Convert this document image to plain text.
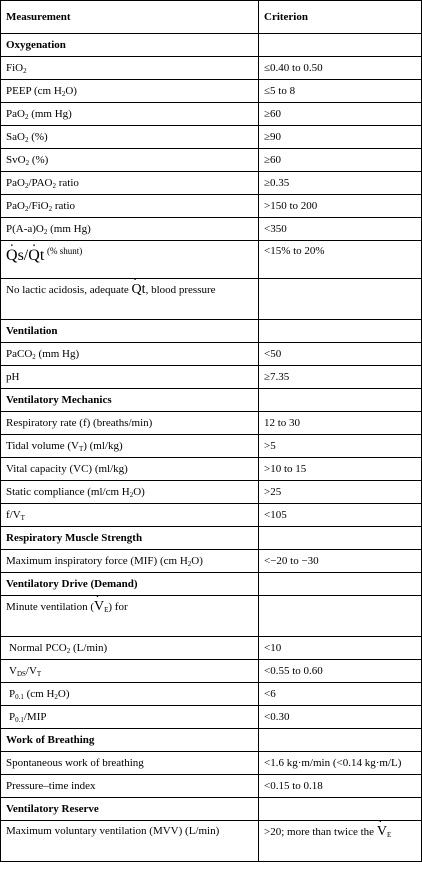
Measurement	Criterion
Oxygenation	
FiO$_2$	≤0.40 to 0.50
PEEP (cm $H_2O$)	≤5 to 8
PaO$_2$ (mm Hg)	≥60
SaO$_2$ (%)	≥90
SvO$_2$ (%)	≥60
$PaO_2/PAO_2$ ratio	≥0.35
PaO$_2$/FiO$_2$ ratio	>150 to 200
$P(A-a)O_2$ (mm Hg)	<350
· Qs/· Qt $^{(\% shunt)}$	<15% to 20%
No lactic acidosis, adequate · Qt, blood pressure	
Ventilation	
PaCO$_2$ (mm Hg)	<50
pH	≥7.35
Ventilatory Mechanics	
Respiratory rate (f) (breaths/min)	12 to 30
Tidal volume $(V_T)$ (ml/kg)	>5
Vital capacity (VC) (ml/kg)	>10 to 15
Static compliance (ml/cm $H_2O$)	>25
$f/V_T$	<105
Respiratory Muscle Strength	
Maximum inspiratory force (MIF) (cm $H_2O$)	<−20 to −30
Ventilatory Drive (Demand)	
Minute ventilation (· $V_E$) for	
Normal $PCO_2$ (L/min)	<10
$V_{DS}/V_T$	<0.55 to 0.60
$P_{0.1}$ (cm $H_2O$)	<6
$P_{0.1}$/MIP	<0.30
Work of Breathing	
Spontaneous work of breathing	<1.6 kg·m/min (<0.14 kg·m/L)
Pressure–time index	<0.15 to 0.18
Ventilatory Reserve	
Maximum voluntary ventilation (MVV) (L/min)	>20; more than twice the · $V_E$
